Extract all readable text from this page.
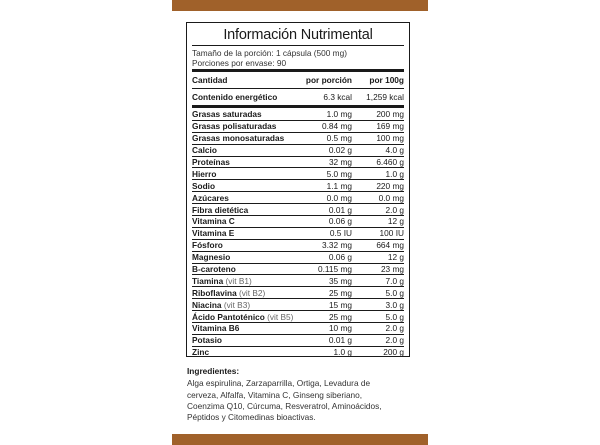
Información Nutrimental
Tamaño de la porción: 1 cápsula (500 mg)
Porciones por envase: 90
Cantidad	por porción	por 100g
Contenido energético	6.3 kcal	1,259 kcal
Grasas saturadas	1.0 mg	200 mg
Grasas polisaturadas	0.84 mg	169 mg
Grasas monosaturadas	0.5 mg	100 mg
Calcio	0.02 g	4.0 g
Proteínas	32 mg	6.460 g
Hierro	5.0 mg	1.0 g
Sodio	1.1 mg	220 mg
Azúcares	0.0 mg	0.0 mg
Fibra dietética	0.01 g	2.0 g
Vitamina C	0.06 g	12 g
Vitamina E	0.5 IU	100 IU
Fósforo	3.32 mg	664 mg
Magnesio	0.06 g	12 g
B-caroteno	0.115 mg	23 mg
Tiamina (vit B1)	35 mg	7.0 g
Riboflavina (vit B2)	25 mg	5.0 g
Niacina (vit B3)	15 mg	3.0 g
Ácido Pantoténico (vit B5)	25 mg	5.0 g
Vitamina B6	10 mg	2.0 g
Potasio	0.01 g	2.0 g
Zinc	1.0 g	200 g
Ingredientes:
Alga espirulina, Zarzaparrilla, Ortiga, Levadura de
cerveza, Alfalfa, Vitamina C, Ginseng siberiano,
Coenzima Q10, Cúrcuma, Resveratrol, Aminoácidos,
Péptidos y Citomedinas bioactivas.
